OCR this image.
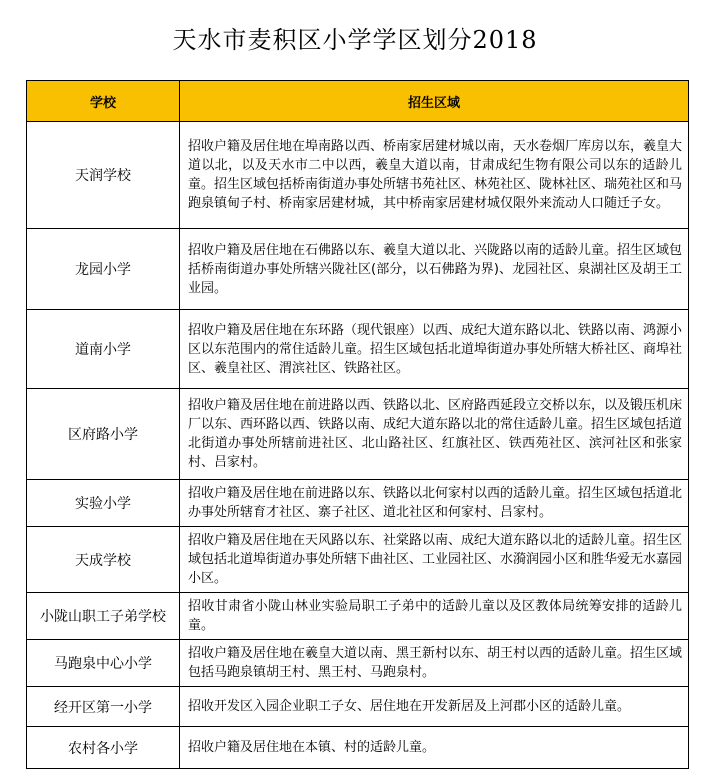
天水市麦积区小学学区划分2018
学校	招生区域
天润学校	招收户籍及居住地在埠南路以西、桥南家居建材城以南，天水卷烟厂库房以东，羲皇大道以北，以及天水市二中以西，羲皇大道以南，甘肃成纪生物有限公司以东的适龄儿童。招生区域包括桥南街道办事处所辖书苑社区、林苑社区、陇林社区、瑞苑社区和马跑泉镇甸子村、桥南家居建材城，其中桥南家居建材城仅限外来流动人口随迁子女。
龙园小学	招收户籍及居住地在石佛路以东、羲皇大道以北、兴陇路以南的适龄儿童。招生区域包括桥南街道办事处所辖兴陇社区(部分，以石佛路为界)、龙园社区、泉湖社区及胡王工业园。
道南小学	招收户籍及居住地在东环路（现代银座）以西、成纪大道东路以北、铁路以南、鸿源小区以东范围内的常住适龄儿童。招生区域包括北道埠街道办事处所辖大桥社区、商埠社区、羲皇社区、渭滨社区、铁路社区。
区府路小学	招收户籍及居住地在前进路以西、铁路以北、区府路西延段立交桥以东，以及锻压机床厂以东、西环路以西、铁路以南、成纪大道东路以北的常住适龄儿童。招生区域包括道北街道办事处所辖前进社区、北山路社区、红旗社区、铁西苑社区、滨河社区和张家村、吕家村。
实验小学	招收户籍及居住地在前进路以东、铁路以北何家村以西的适龄儿童。招生区域包括道北办事处所辖育才社区、寨子社区、道北社区和何家村、吕家村。
天成学校	招收户籍及居住地在天风路以东、社棠路以南、成纪大道东路以北的适龄儿童。招生区域包括北道埠街道办事处所辖下曲社区、工业园社区、水漪润园小区和胜华爱无水嘉园小区。
小陇山职工子弟学校	招收甘肃省小陇山林业实验局职工子弟中的适龄儿童以及区教体局统筹安排的适龄儿童。
马跑泉中心小学	招收户籍及居住地在羲皇大道以南、黑王新村以东、胡王村以西的适龄儿童。招生区域包括马跑泉镇胡王村、黑王村、马跑泉村。
经开区第一小学	招收开发区入园企业职工子女、居住地在开发新居及上河郡小区的适龄儿童。
农村各小学	招收户籍及居住地在本镇、村的适龄儿童。
